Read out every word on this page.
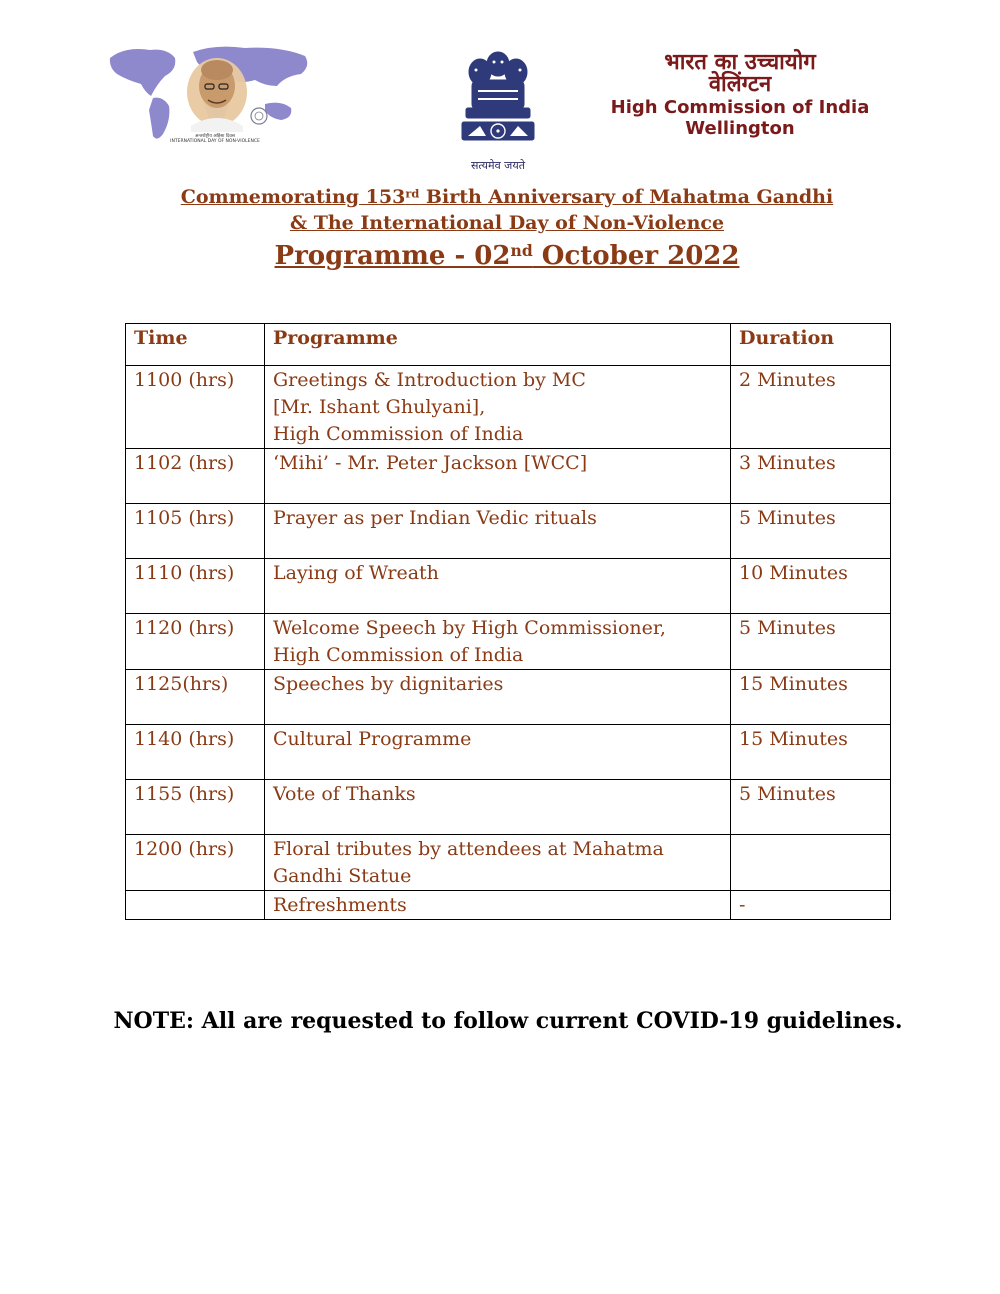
अन्तर्राष्ट्रीय अहिंसा दिवस
INTERNATIONAL DAY OF NON-VIOLENCE
सत्यमेव जयते
भारत का उच्चायोग
वेलिंग्टन
High Commission of India
Wellington
Commemorating 153rd Birth Anniversary of Mahatma Gandhi
& The International Day of Non-Violence
Programme - 02nd October 2022
Time	Programme	Duration
1100 (hrs)	Greetings & Introduction by MC
[Mr. Ishant Ghulyani],
High Commission of India	2 Minutes
1102 (hrs)	‘Mihi’ - Mr. Peter Jackson [WCC]	3 Minutes
1105 (hrs)	Prayer as per Indian Vedic rituals	5 Minutes
1110 (hrs)	Laying of Wreath	10 Minutes
1120 (hrs)	Welcome Speech by High Commissioner,
High Commission of India	5 Minutes
1125(hrs)	Speeches by dignitaries	15 Minutes
1140 (hrs)	Cultural Programme	15 Minutes
1155 (hrs)	Vote of Thanks	5 Minutes
1200 (hrs)	Floral tributes by attendees at Mahatma
Gandhi Statue	
	Refreshments	-
NOTE: All are requested to follow current COVID-19 guidelines.
